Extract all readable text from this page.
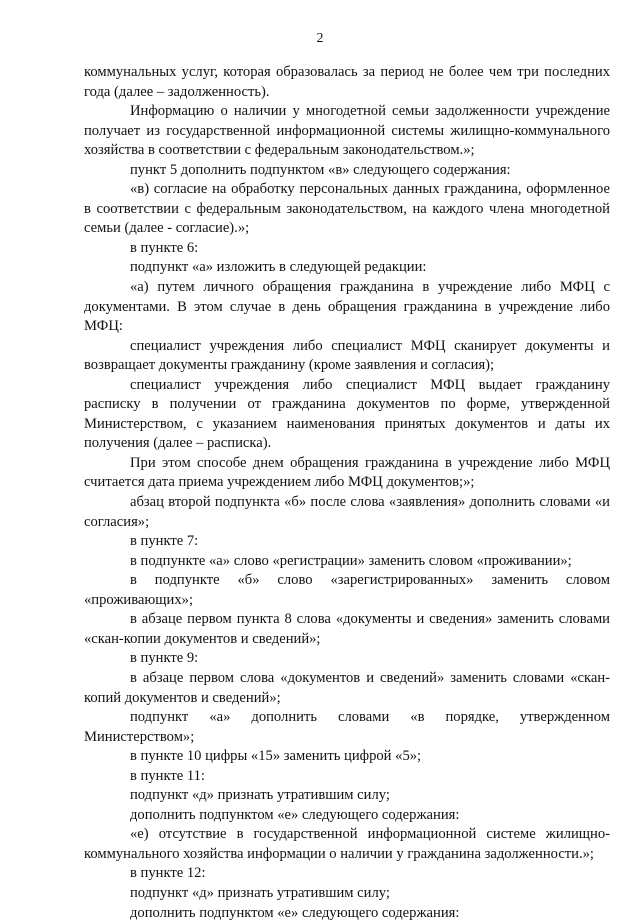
2

коммунальных услуг, которая образовалась за период не более чем три последних года (далее – задолженность).

Информацию о наличии у многодетной семьи задолженности учреждение получает из государственной информационной системы жилищно-коммунального хозяйства в соответствии с федеральным законодательством.»;

пункт 5 дополнить подпунктом «в» следующего содержания:

«в) согласие на обработку персональных данных гражданина, оформленное в соответствии с федеральным законодательством, на каждого члена многодетной семьи (далее - согласие).»;

в пункте 6:

подпункт «а» изложить в следующей редакции:

«а) путем личного обращения гражданина в учреждение либо МФЦ с документами. В этом случае в день обращения гражданина в учреждение либо МФЦ:

специалист учреждения либо специалист МФЦ сканирует документы и возвращает документы гражданину (кроме заявления и согласия);

специалист учреждения либо специалист МФЦ выдает гражданину расписку в получении от гражданина документов по форме, утвержденной Министерством, с указанием наименования принятых документов и даты их получения (далее – расписка).

При этом способе днем обращения гражданина в учреждение либо МФЦ считается дата приема учреждением либо МФЦ документов;»;

абзац второй подпункта «б» после слова «заявления» дополнить словами «и согласия»;

в пункте 7:

в подпункте «а» слово «регистрации» заменить словом «проживании»;

в подпункте «б» слово «зарегистрированных» заменить словом «проживающих»;

в абзаце первом пункта 8 слова «документы и сведения» заменить словами «скан-копии документов и сведений»;

в пункте 9:

в абзаце первом слова «документов и сведений» заменить словами «скан-копий документов и сведений»;

подпункт «а» дополнить словами «в порядке, утвержденном Министерством»;

в пункте 10 цифры «15» заменить цифрой «5»;

в пункте 11:

подпункт «д» признать утратившим силу;

дополнить подпунктом «е» следующего содержания:

«е) отсутствие в государственной информационной системе жилищно-коммунального хозяйства информации о наличии у гражданина задолженности.»;

в пункте 12:

подпункт «д» признать утратившим силу;

дополнить подпунктом «е» следующего содержания:
